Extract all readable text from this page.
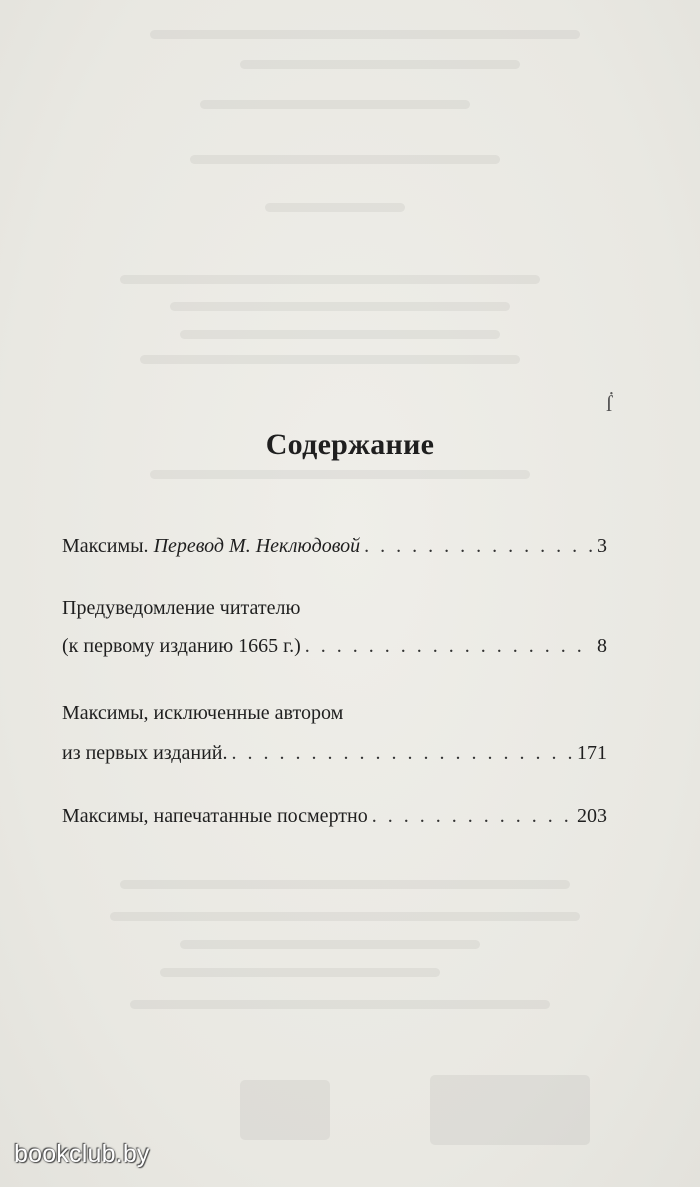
ẛ
Содержание
Максимы.
Перевод М. Неклюдовой . . .	3
Предуведомление читателю
(к первому изданию 1665 г.) . . .	8
Максимы, исключенные автором
из первых изданий. . . .	171
Максимы, напечатанные посмертно . . .	203
bookclub.by
